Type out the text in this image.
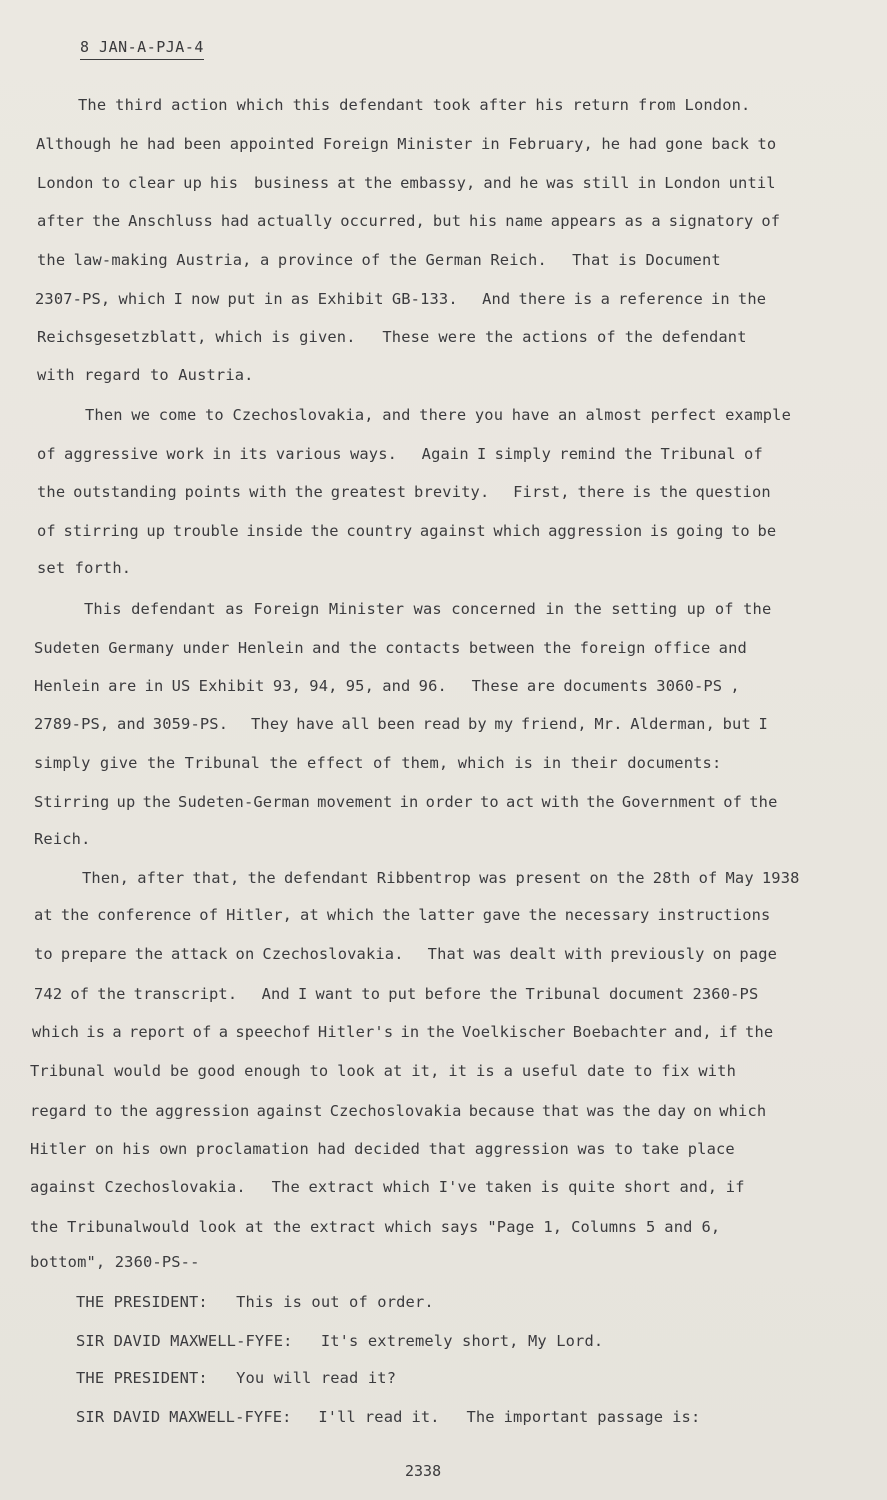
8 JAN-A-PJA-4
The third action which this defendant took after his return from London.
Although he had been appointed Foreign Minister in February, he had gone back to
London to clear up his  business at the embassy, and he was still in London until
after the Anschluss had actually occurred, but his name appears as a signatory of
the law-making Austria, a province of the German Reich.   That is Document
2307-PS, which I now put in as Exhibit GB-133.   And there is a reference in the
Reichsgesetzblatt, which is given.   These were the actions of the defendant
with regard to Austria.
Then we come to Czechoslovakia, and there you have an almost perfect example
of aggressive work in its various ways.   Again I simply remind the Tribunal of
the outstanding points with the greatest brevity.   First, there is the question
of stirring up trouble inside the country against which aggression is going to be
set forth.
This defendant as Foreign Minister was concerned in the setting up of the
Sudeten Germany under Henlein and the contacts between the foreign office and
Henlein are in US Exhibit 93, 94, 95, and 96.   These are documents 3060-PS ,
2789-PS, and 3059-PS.   They have all been read by my friend, Mr. Alderman, but I
simply give the Tribunal the effect of them, which is in their documents:
Stirring up the Sudeten-German movement in order to act with the Government of the
Reich.
Then, after that, the defendant Ribbentrop was present on the 28th of May 1938
at the conference of Hitler, at which the latter gave the necessary instructions
to prepare the attack on Czechoslovakia.   That was dealt with previously on page
742 of the transcript.   And I want to put before the Tribunal document 2360-PS
which is a report of a speechof Hitler's in the Voelkischer Boebachter and, if the
Tribunal would be good enough to look at it, it is a useful date to fix with
regard to the aggression against Czechoslovakia because that was the day on which
Hitler on his own proclamation had decided that aggression was to take place
against Czechoslovakia.   The extract which I've taken is quite short and, if
the Tribunalwould look at the extract which says "Page 1, Columns 5 and 6,
bottom", 2360-PS--
THE PRESIDENT:   This is out of order.
SIR DAVID MAXWELL-FYFE:   It's extremely short, My Lord.
THE PRESIDENT:   You will read it?
SIR DAVID MAXWELL-FYFE:   I'll read it.   The important passage is:
2338
